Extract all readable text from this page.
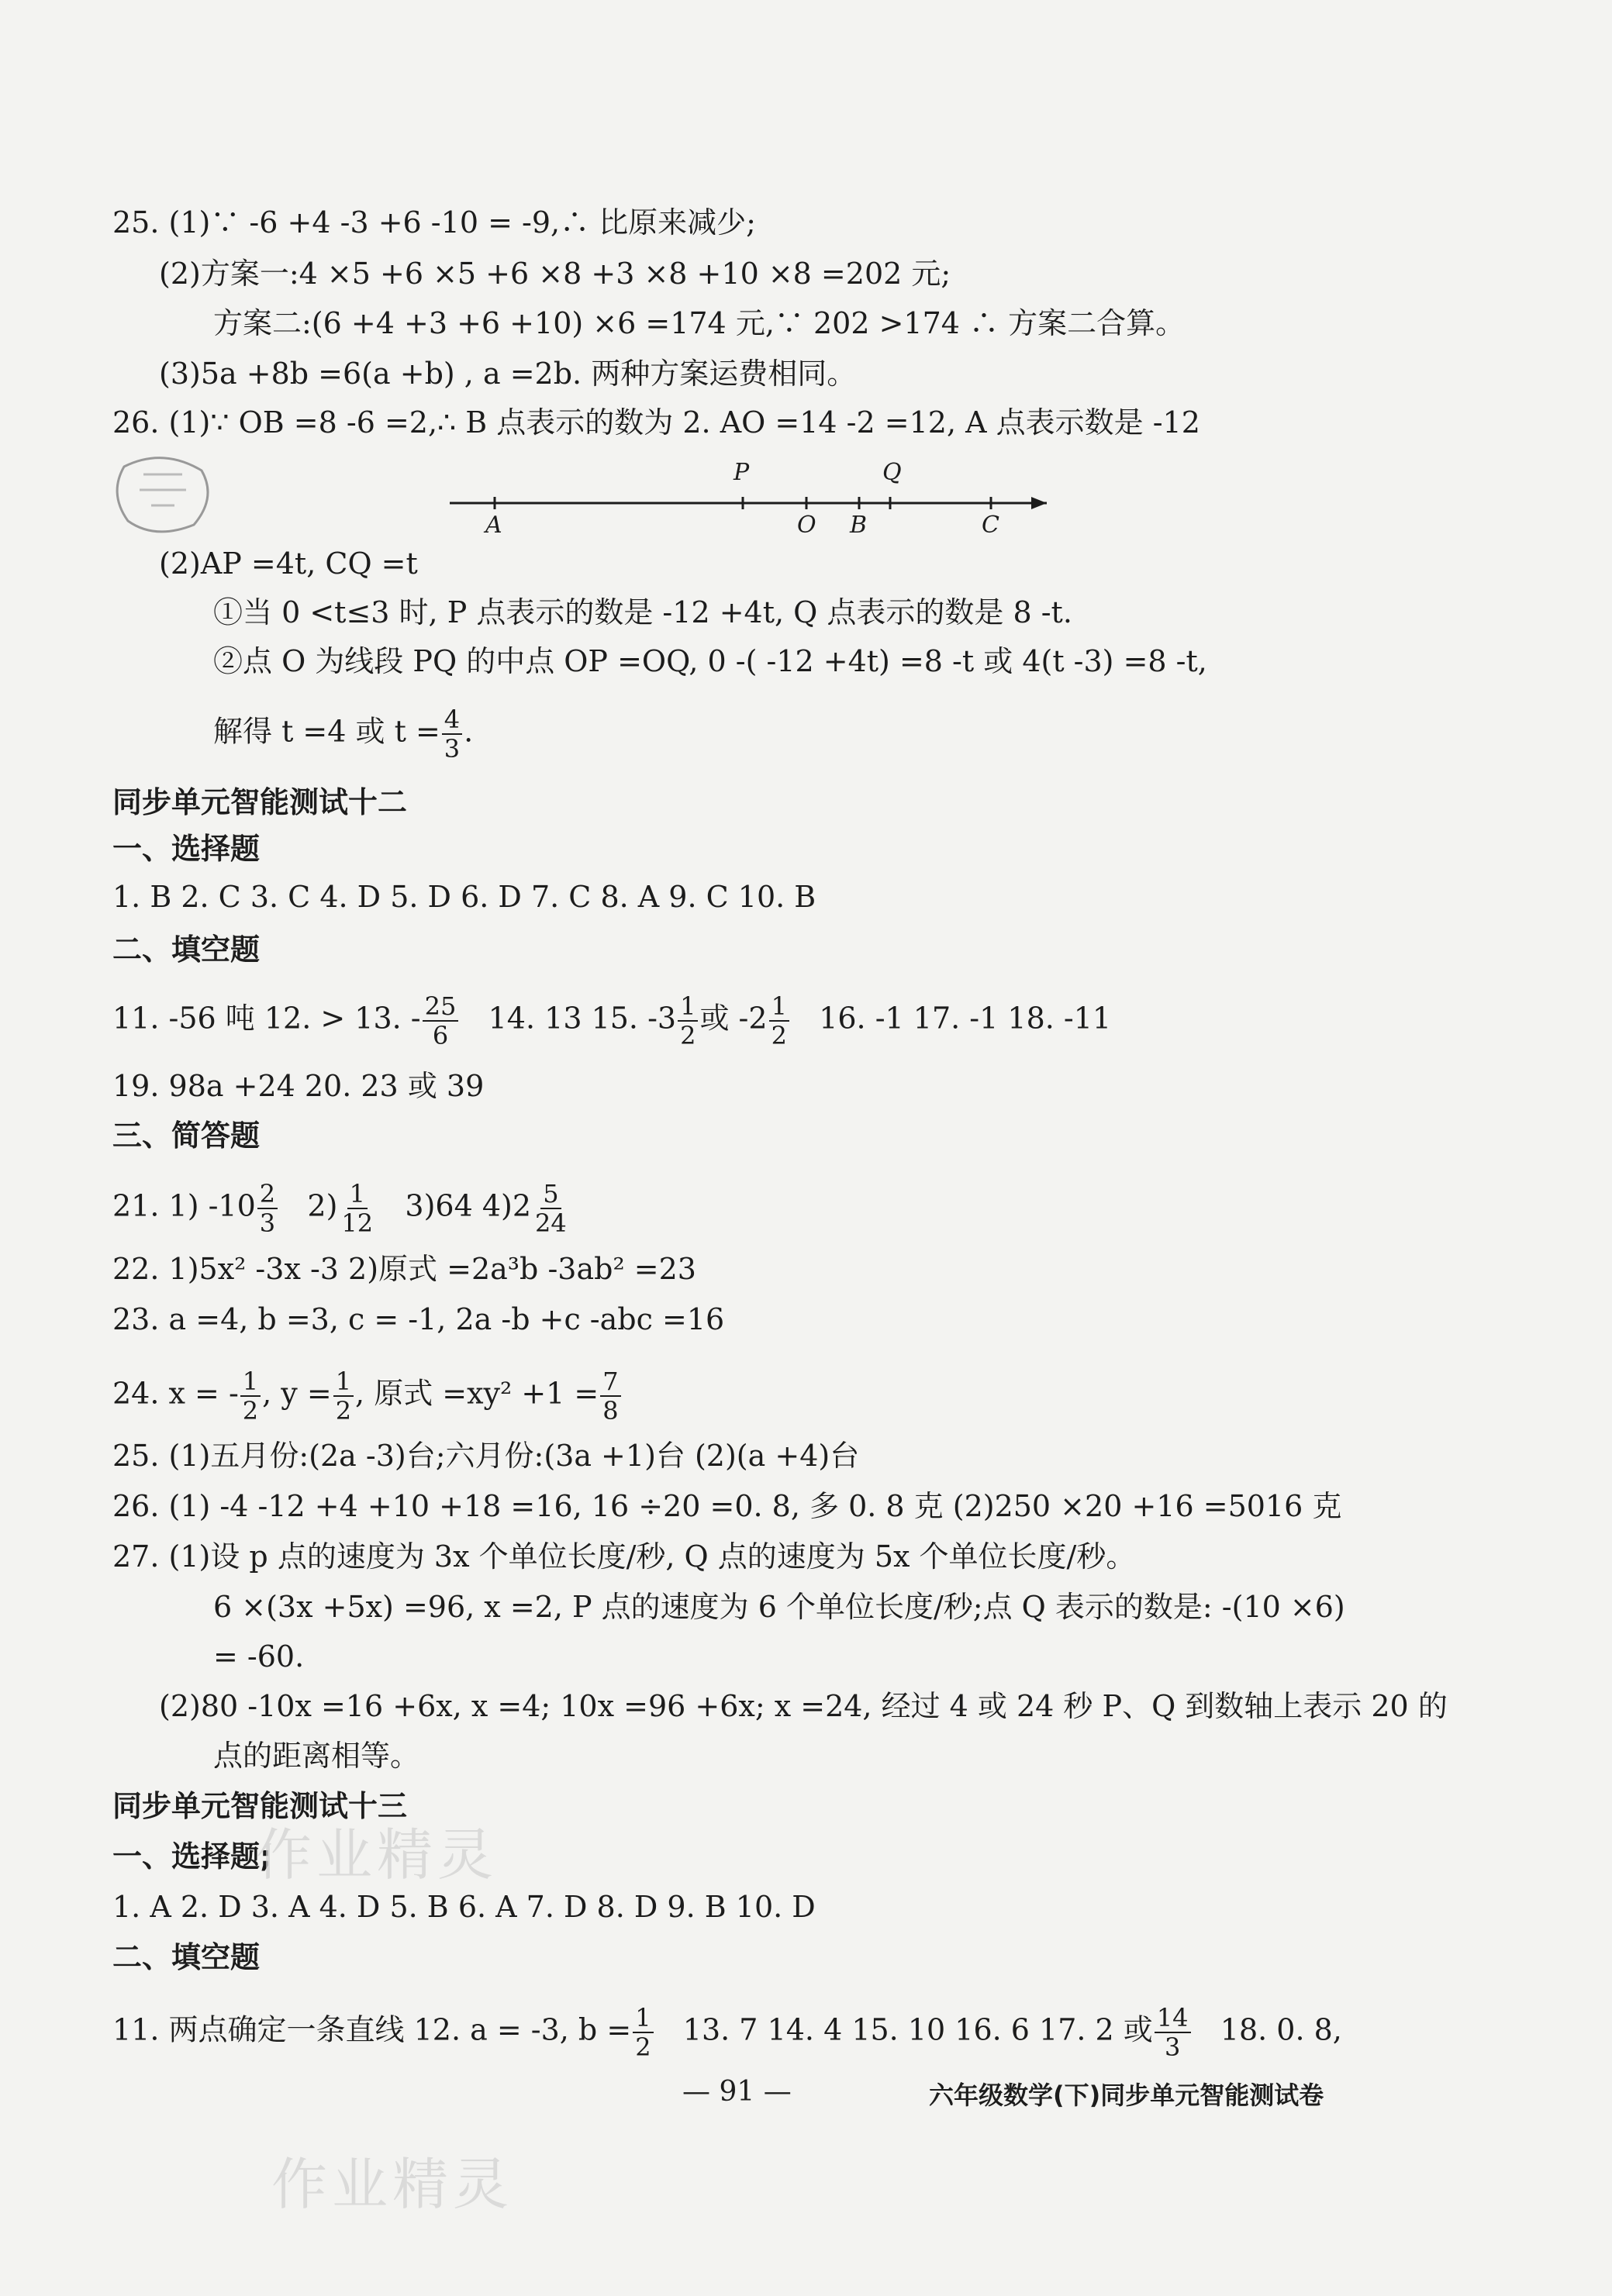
25. (1)∵ -6 +4 -3 +6 -10 = -9,∴ 比原来减少;
(2)方案一:4 ×5 +6 ×5 +6 ×8 +3 ×8 +10 ×8 =202 元;
方案二:(6 +4 +3 +6 +10) ×6 =174 元,∵ 202 >174 ∴ 方案二合算。
(3)5a +8b =6(a +b) , a =2b. 两种方案运费相同。
26. (1)∵ OB =8 -6 =2,∴ B 点表示的数为 2. AO =14 -2 =12, A 点表示数是 -12
A
P
O B
Q
C
(2)AP =4t, CQ =t
①当 0 <t≤3 时, P 点表示的数是 -12 +4t, Q 点表示的数是 8 -t.
②点 O 为线段 PQ 的中点 OP =OQ, 0 -( -12 +4t) =8 -t 或 4(t -3) =8 -t,
解得 t =4 或 $t = \frac{4}{3}$ .
同步单元智能测试十二
一、选择题
1. B 2. C 3. C 4. D 5. D 6. D 7. C 8. A 9. C 10. B
二、填空题
11. -56 吨 12. > 13. - $\frac{25}{6} 14$. 13 15. $-3 \frac{1}{2}$ 或 $-2 \frac{1}{2} 16$. -1 17. -1 18. -11
19. 98a +24 20. 23 或 39
三、简答题
21. 1) $-10 \frac{2}{3} 2) \frac{1}{12} 3)64$ $4)2 \frac{5}{24}$
22. 1)5x² -3x -3 2)原式 =2a³b -3ab² =23
23. a =4, b =3, c = -1, 2a -b +c -abc =16
24. x = - $\frac{1}{2}$ , $y = \frac{1}{2}$ , 原式 $=xy^2 +1 = \frac{7}{8}$
25. (1)五月份:(2a -3)台;六月份:(3a +1)台 (2)(a +4)台
26. (1) -4 -12 +4 +10 +18 =16, 16 ÷20 =0. 8, 多 0. 8 克 (2)250 ×20 +16 =5016 克
27. (1)设 p 点的速度为 3x 个单位长度/秒, Q 点的速度为 5x 个单位长度/秒。
6 ×(3x +5x) =96, x =2, P 点的速度为 6 个单位长度/秒;点 Q 表示的数是: -(10 ×6)
= -60.
(2)80 -10x =16 +6x, x =4; 10x =96 +6x; x =24, 经过 4 或 24 秒 P、Q 到数轴上表示 20 的
点的距离相等。
同步单元智能测试十三
一、选择题;
1. A 2. D 3. A 4. D 5. B 6. A 7. D 8. D 9. B 10. D
二、填空题
11. 两点确定一条直线 12. a = -3, $b = \frac{1}{2} 13$. 7 14. 4 15. 10 16. 6 17. 2 或 $\frac{14}{3} 18$. 0. 8,
作业精灵
作业精灵
— 91 —	六年级数学(下)同步单元智能测试卷
